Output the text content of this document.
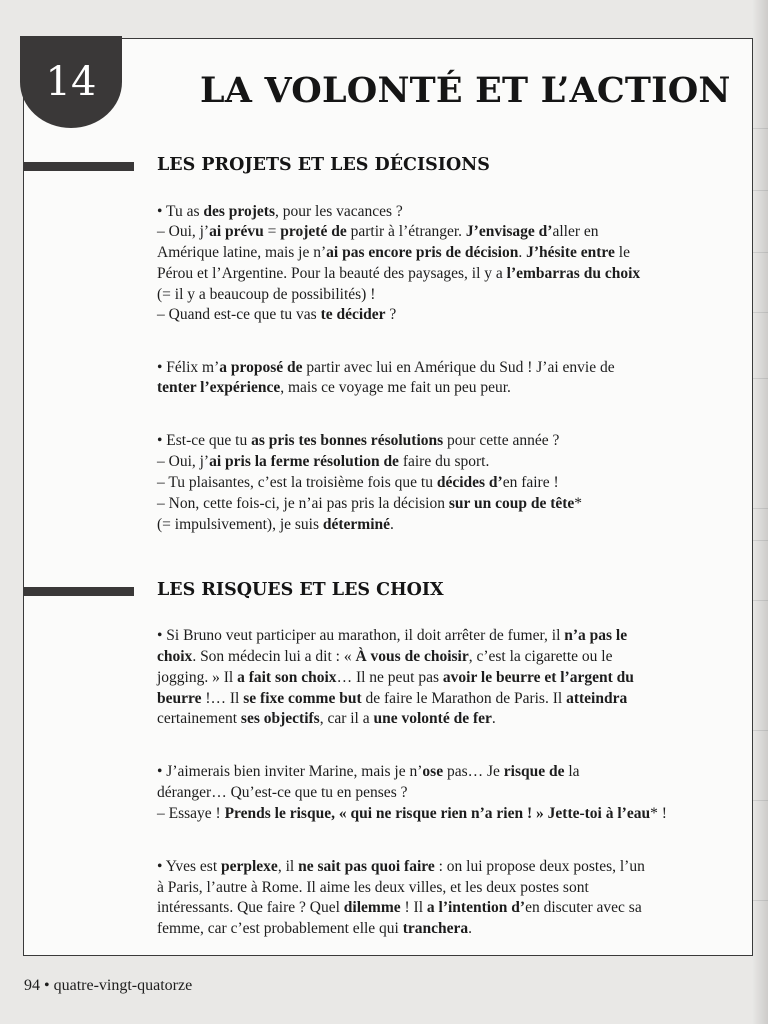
14	LA VOLONTÉ ET L’ACTION
LES PROJETS ET LES DÉCISIONS
• Tu as des projets, pour les vacances ?
– Oui, j’ai prévu = projeté de partir à l’étranger. J’envisage d’aller en
Amérique latine, mais je n’ai pas encore pris de décision. J’hésite entre le
Pérou et l’Argentine. Pour la beauté des paysages, il y a l’embarras du choix
(= il y a beaucoup de possibilités) !
– Quand est-ce que tu vas te décider ?
• Félix m’a proposé de partir avec lui en Amérique du Sud ! J’ai envie de
tenter l’expérience, mais ce voyage me fait un peu peur.
• Est-ce que tu as pris tes bonnes résolutions pour cette année ?
– Oui, j’ai pris la ferme résolution de faire du sport.
– Tu plaisantes, c’est la troisième fois que tu décides d’en faire !
– Non, cette fois-ci, je n’ai pas pris la décision sur un coup de tête*
(= impulsivement), je suis déterminé.
LES RISQUES ET LES CHOIX
• Si Bruno veut participer au marathon, il doit arrêter de fumer, il n’a pas le
choix. Son médecin lui a dit : « À vous de choisir, c’est la cigarette ou le
jogging. » Il a fait son choix… Il ne peut pas avoir le beurre et l’argent du
beurre !… Il se fixe comme but de faire le Marathon de Paris. Il atteindra
certainement ses objectifs, car il a une volonté de fer.
• J’aimerais bien inviter Marine, mais je n’ose pas… Je risque de la
déranger… Qu’est-ce que tu en penses ?
– Essaye ! Prends le risque, « qui ne risque rien n’a rien ! » Jette-toi à l’eau* !
• Yves est perplexe, il ne sait pas quoi faire : on lui propose deux postes, l’un
à Paris, l’autre à Rome. Il aime les deux villes, et les deux postes sont
intéressants. Que faire ? Quel dilemme ! Il a l’intention d’en discuter avec sa
femme, car c’est probablement elle qui tranchera.
94 • quatre-vingt-quatorze
